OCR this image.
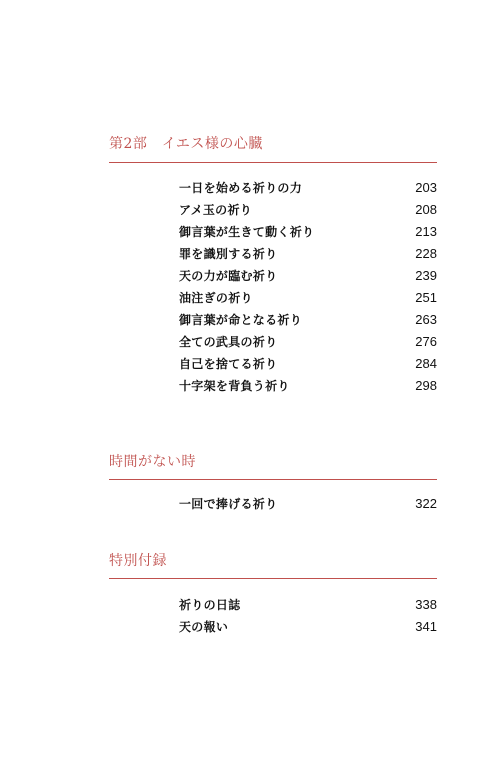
第2部　イエス様の心臓
一日を始める祈りの力	203
アメ玉の祈り	208
御言葉が生きて動く祈り	213
罪を識別する祈り	228
天の力が臨む祈り	239
油注ぎの祈り	251
御言葉が命となる祈り	263
全ての武具の祈り	276
自己を捨てる祈り	284
十字架を背負う祈り	298
時間がない時
一回で捧げる祈り	322
特別付録
祈りの日誌	338
天の報い	341
